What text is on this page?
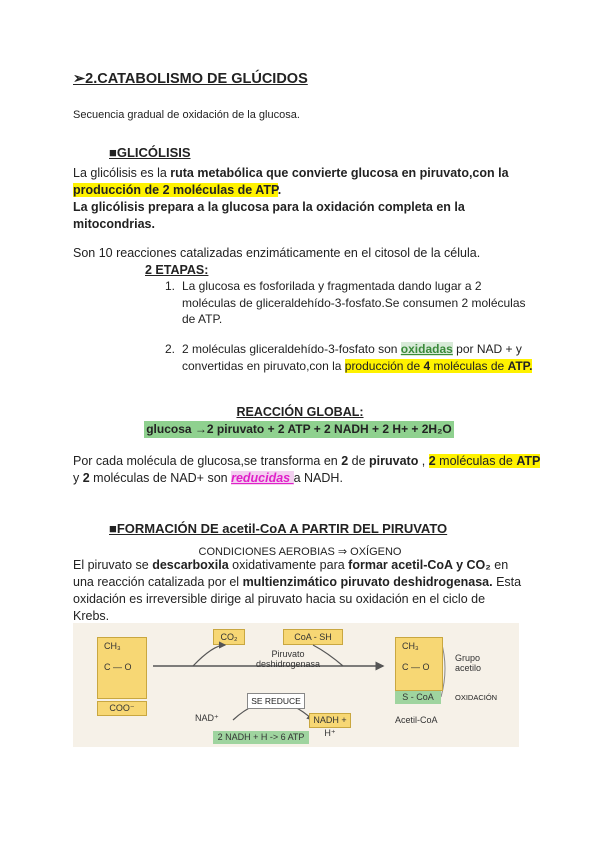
➢2.CATABOLISMO DE GLÚCIDOS
Secuencia gradual de oxidación de la glucosa.
■GLICÓLISIS
La glicólisis es la ruta metabólica que convierte glucosa en piruvato,con la
producción de 2 moléculas de ATP.
La glicólisis prepara a la glucosa para la oxidación completa en la mitocondrias.
Son 10 reacciones catalizadas enzimáticamente en el citosol de la célula.
2 ETAPAS:
1. La glucosa es fosforilada y fragmentada dando lugar a 2 moléculas de gliceraldehído-3-fosfato.Se consumen 2 moléculas de ATP.
2. 2 moléculas gliceraldehído-3-fosfato son oxidadas por NAD + y convertidas en piruvato,con la producción de 4 moléculas de ATP.
REACCIÓN GLOBAL:
glucosa →2 piruvato + 2 ATP + 2 NADH + 2 H+ + 2H₂O
Por cada molécula de glucosa,se transforma en 2 de piruvato , 2 moléculas de ATP
y 2 moléculas de NAD+ son reducidas a NADH.
■FORMACIÓN DE acetil-CoA A PARTIR DEL PIRUVATO
CONDICIONES AEROBIAS ⇒ OXÍGENO
El piruvato se descarboxila oxidativamente para formar acetil-CoA y CO₂ en una reacción catalizada por el multienzimático piruvato deshidrogenasa. Esta oxidación es irreversible dirige al piruvato hacia su oxidación en el ciclo de Krebs.
CH₃
C — O
COO⁻
CO₂	CoA - SH
Piruvato deshidrogenasa
SE REDUCE
NAD⁺	NADH + H⁺
2 NADH + H -> 6 ATP
CH₃
C — O
S - CoA
Grupo acetilo
OXIDACIÓN
Acetil-CoA
